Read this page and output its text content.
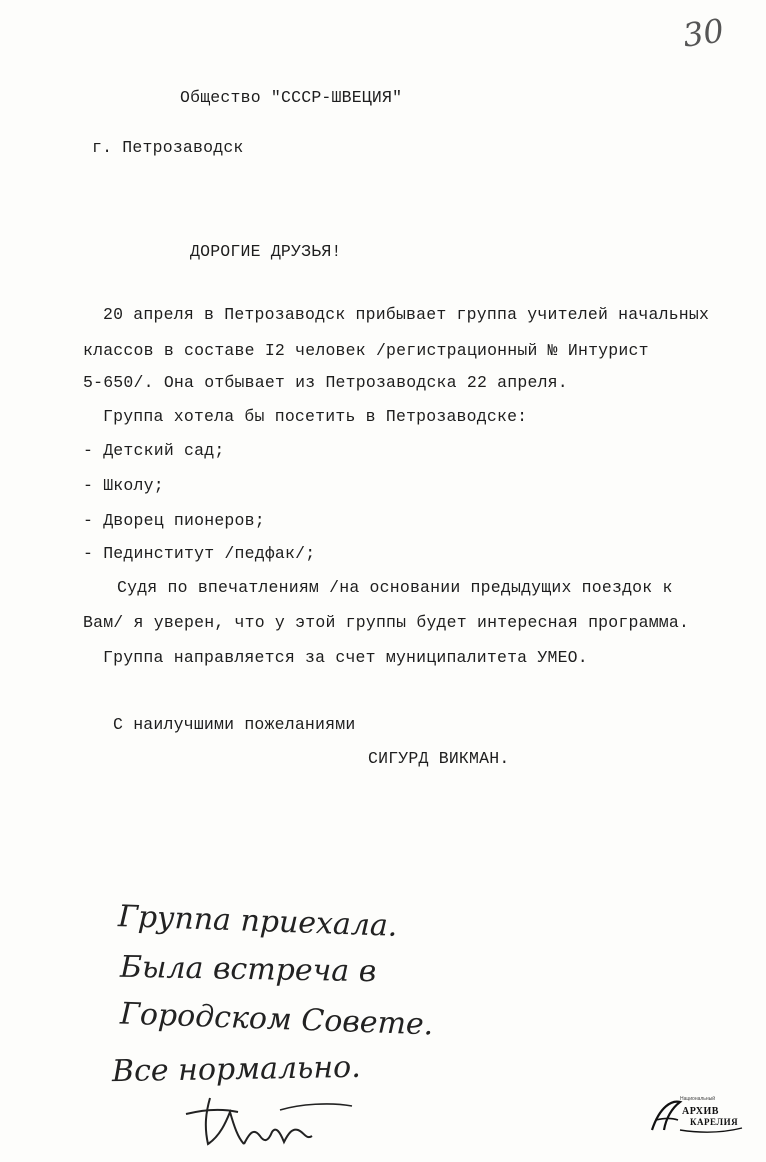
30
Общество "СССР-ШВЕЦИЯ"
г. Петрозаводск
ДОРОГИЕ ДРУЗЬЯ!
20 апреля в Петрозаводск прибывает группа учителей начальных
классов в составе I2 человек /регистрационный № Интурист
5-650/. Она отбывает из Петрозаводска 22 апреля.
Группа хотела бы посетить в Петрозаводске:
- Детский сад;
- Школу;
- Дворец пионеров;
- Пединститут /педфак/;
Судя по впечатлениям /на основании предыдущих поездок к
Вам/ я уверен, что у этой группы будет интересная программа.
Группа направляется за счет муниципалитета УМЕО.
С наилучшими пожеланиями
СИГУРД ВИКМАН.
Группа приехала.
Была встреча в
Городском Совете.
Все нормально.
Национальный
АРХИВ
КАРЕЛИЯ
